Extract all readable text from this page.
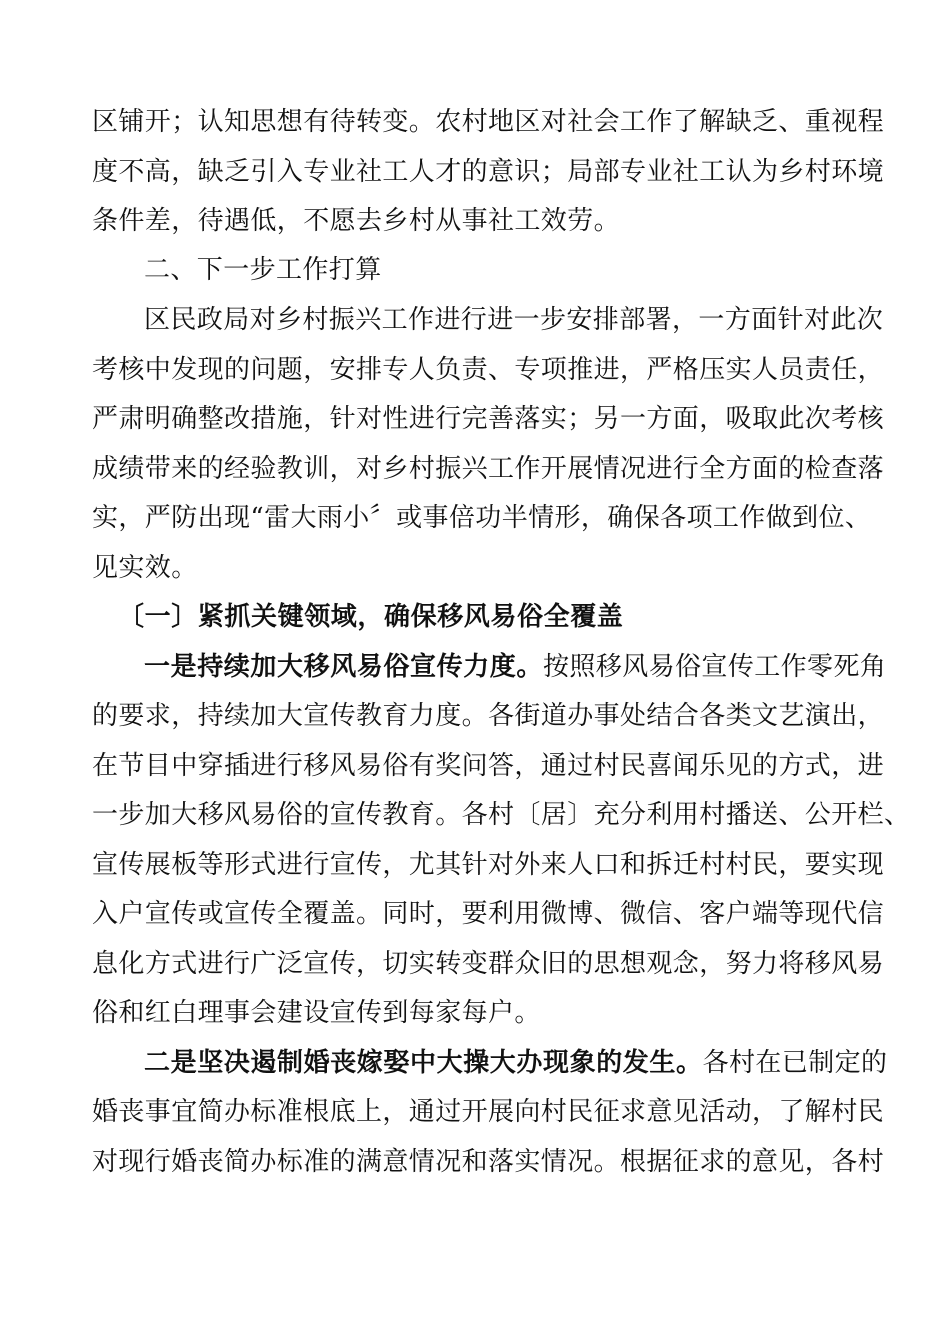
区铺开；认知思想有待转变。农村地区对社会工作了解缺乏、重视程

度不高，缺乏引入专业社工人才的意识；局部专业社工认为乡村环境

条件差，待遇低，不愿去乡村从事社工效劳。

二、下一步工作打算

区民政局对乡村振兴工作进行进一步安排部署，一方面针对此次

考核中发现的问题，安排专人负责、专项推进，严格压实人员责任，

严肃明确整改措施，针对性进行完善落实；另一方面，吸取此次考核

成绩带来的经验教训，对乡村振兴工作开展情况进行全方面的检查落

实，严防出现“雷大雨小〞或事倍功半情形，确保各项工作做到位、

见实效。

〔一〕紧抓关键领域，确保移风易俗全覆盖

一是持续加大移风易俗宣传力度。按照移风易俗宣传工作零死角

的要求，持续加大宣传教育力度。各街道办事处结合各类文艺演出，

在节目中穿插进行移风易俗有奖问答，通过村民喜闻乐见的方式，进

一步加大移风易俗的宣传教育。各村〔居〕充分利用村播送、公开栏、

宣传展板等形式进行宣传，尤其针对外来人口和拆迁村村民，要实现

入户宣传或宣传全覆盖。同时，要利用微博、微信、客户端等现代信

息化方式进行广泛宣传，切实转变群众旧的思想观念，努力将移风易

俗和红白理事会建设宣传到每家每户。

二是坚决遏制婚丧嫁娶中大操大办现象的发生。各村在已制定的

婚丧事宜简办标准根底上，通过开展向村民征求意见活动，了解村民

对现行婚丧简办标准的满意情况和落实情况。根据征求的意见，各村
